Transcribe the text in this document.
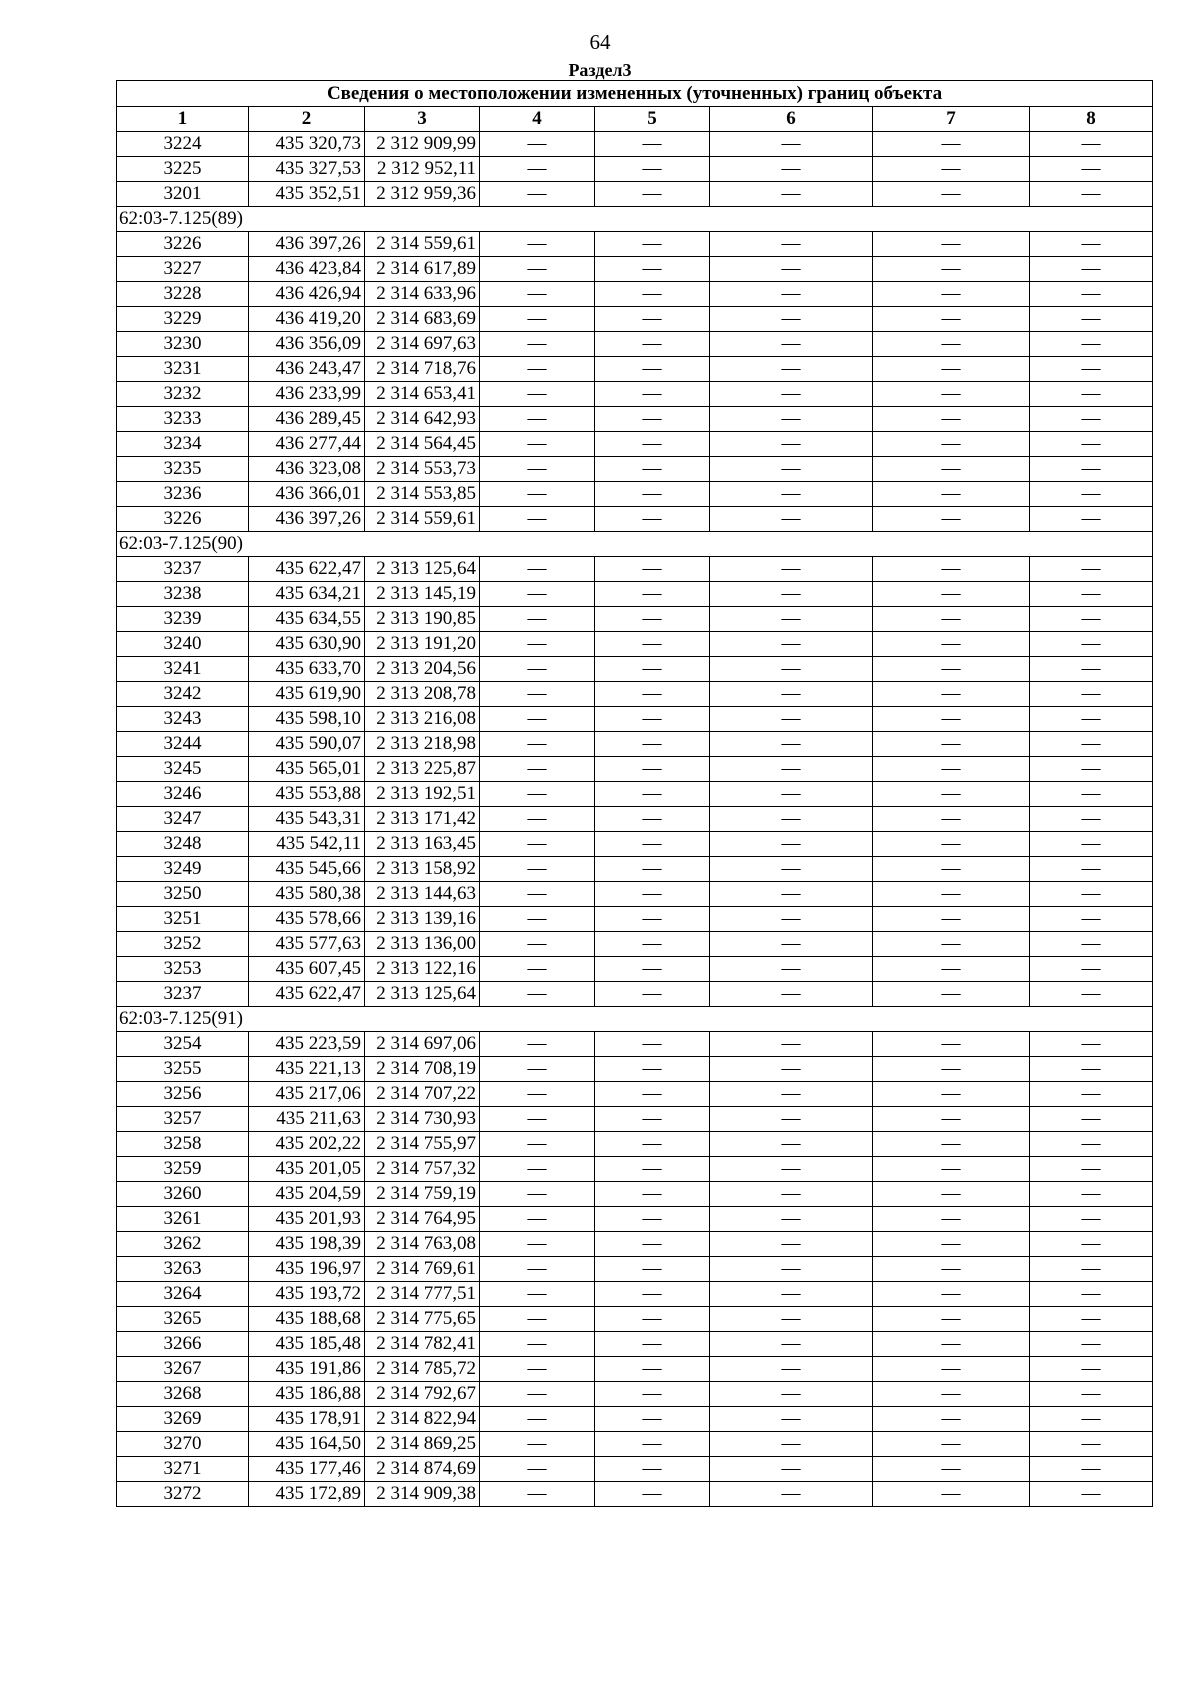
64
Раздел3
Сведения о местоположении измененных (уточненных) границ объекта							
1	2	3	4	5	6	7	8
3224	435 320,73	2 312 909,99	—	—	—	—	—
3225	435 327,53	2 312 952,11	—	—	—	—	—
3201	435 352,51	2 312 959,36	—	—	—	—	—
62:03-7.125(89)							
3226	436 397,26	2 314 559,61	—	—	—	—	—
3227	436 423,84	2 314 617,89	—	—	—	—	—
3228	436 426,94	2 314 633,96	—	—	—	—	—
3229	436 419,20	2 314 683,69	—	—	—	—	—
3230	436 356,09	2 314 697,63	—	—	—	—	—
3231	436 243,47	2 314 718,76	—	—	—	—	—
3232	436 233,99	2 314 653,41	—	—	—	—	—
3233	436 289,45	2 314 642,93	—	—	—	—	—
3234	436 277,44	2 314 564,45	—	—	—	—	—
3235	436 323,08	2 314 553,73	—	—	—	—	—
3236	436 366,01	2 314 553,85	—	—	—	—	—
3226	436 397,26	2 314 559,61	—	—	—	—	—
62:03-7.125(90)							
3237	435 622,47	2 313 125,64	—	—	—	—	—
3238	435 634,21	2 313 145,19	—	—	—	—	—
3239	435 634,55	2 313 190,85	—	—	—	—	—
3240	435 630,90	2 313 191,20	—	—	—	—	—
3241	435 633,70	2 313 204,56	—	—	—	—	—
3242	435 619,90	2 313 208,78	—	—	—	—	—
3243	435 598,10	2 313 216,08	—	—	—	—	—
3244	435 590,07	2 313 218,98	—	—	—	—	—
3245	435 565,01	2 313 225,87	—	—	—	—	—
3246	435 553,88	2 313 192,51	—	—	—	—	—
3247	435 543,31	2 313 171,42	—	—	—	—	—
3248	435 542,11	2 313 163,45	—	—	—	—	—
3249	435 545,66	2 313 158,92	—	—	—	—	—
3250	435 580,38	2 313 144,63	—	—	—	—	—
3251	435 578,66	2 313 139,16	—	—	—	—	—
3252	435 577,63	2 313 136,00	—	—	—	—	—
3253	435 607,45	2 313 122,16	—	—	—	—	—
3237	435 622,47	2 313 125,64	—	—	—	—	—
62:03-7.125(91)							
3254	435 223,59	2 314 697,06	—	—	—	—	—
3255	435 221,13	2 314 708,19	—	—	—	—	—
3256	435 217,06	2 314 707,22	—	—	—	—	—
3257	435 211,63	2 314 730,93	—	—	—	—	—
3258	435 202,22	2 314 755,97	—	—	—	—	—
3259	435 201,05	2 314 757,32	—	—	—	—	—
3260	435 204,59	2 314 759,19	—	—	—	—	—
3261	435 201,93	2 314 764,95	—	—	—	—	—
3262	435 198,39	2 314 763,08	—	—	—	—	—
3263	435 196,97	2 314 769,61	—	—	—	—	—
3264	435 193,72	2 314 777,51	—	—	—	—	—
3265	435 188,68	2 314 775,65	—	—	—	—	—
3266	435 185,48	2 314 782,41	—	—	—	—	—
3267	435 191,86	2 314 785,72	—	—	—	—	—
3268	435 186,88	2 314 792,67	—	—	—	—	—
3269	435 178,91	2 314 822,94	—	—	—	—	—
3270	435 164,50	2 314 869,25	—	—	—	—	—
3271	435 177,46	2 314 874,69	—	—	—	—	—
3272	435 172,89	2 314 909,38	—	—	—	—	—
